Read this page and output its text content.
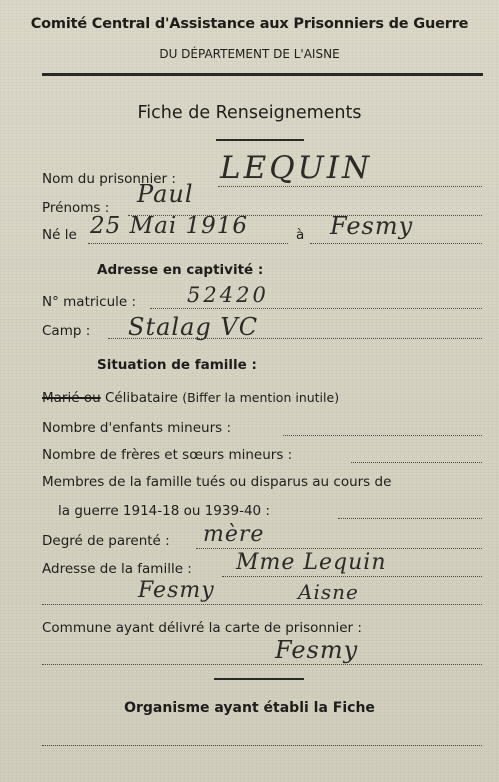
Comité Central d'Assistance aux Prisonniers de Guerre
DU DÉPARTEMENT DE L'AISNE
Fiche de Renseignements
Nom du prisonnier : LEQUIN
Prénoms : Paul
Né le 25 Mai 1916	à Fesmy
Adresse en captivité :
N° matricule : 52420
Camp : Stalag VC
Situation de famille :
Marié ou Célibataire (Biffer la mention inutile)
Nombre d'enfants mineurs :
Nombre de frères et sœurs mineurs :
Membres de la famille tués ou disparus au cours de
la guerre 1914-18 ou 1939-40 :
Degré de parenté : mère
Adresse de la famille : Mme Lequin
Fesmy	Aisne
Commune ayant délivré la carte de prisonnier :
Fesmy
Organisme ayant établi la Fiche
